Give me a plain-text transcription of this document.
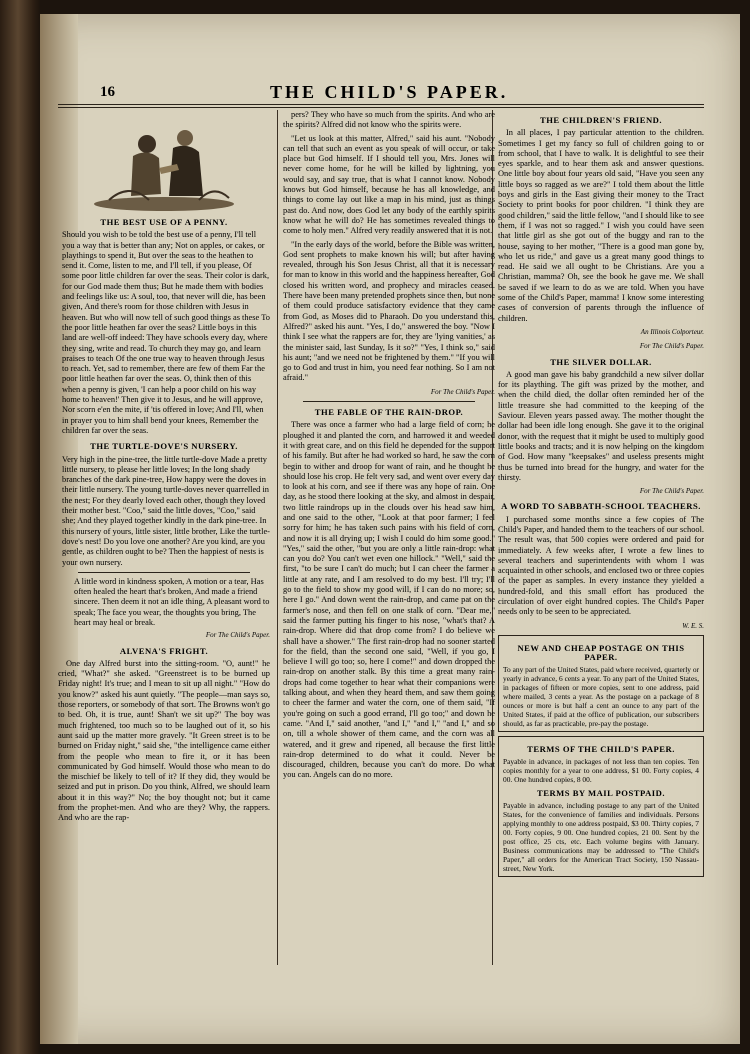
16	THE CHILD'S PAPER.
THE BEST USE OF A PENNY.
Should you wish to be told the best use of a penny, I'll tell you a way that is better than any; Not on apples, or cakes, or playthings to spend it, But over the seas to the heathen to send it. Come, listen to me, and I'll tell, if you please, Of some poor little children far over the seas. Their color is dark, for our God made them thus; But he made them with bodies and feelings like us: A soul, too, that never will die, has been given, And there's room for those children with Jesus in heaven. But who will now tell of such good things as these To the poor little heathen far over the seas? Little boys in this land are well-off indeed: They have schools every day, where they sing, write and read. To church they may go, and learn praises to teach Of the one true way to heaven through Jesus to reach. Yet, sad to remember, there are few of them Far the poor little heathen far over the seas. O, think then of this when a penny is given, 'I can help a poor child on his way home to heaven!' Then give it to Jesus, and he will approve, Nor scorn e'en the mite, if 'tis offered in love; And I'll, when in prayer you to him shall bend your knees, Remember the children far over the seas.
THE TURTLE-DOVE'S NURSERY.
Very high in the pine-tree, the little turtle-dove Made a pretty little nursery, to please her little loves; In the long shady branches of the dark pine-tree, How happy were the doves in their little nursery. The young turtle-doves never quarrelled in the nest; For they dearly loved each other, though they loved their mother best. "Coo," said the little doves, "Coo," said she; And they played together kindly in the dark pine-tree. In this nursery of yours, little sister, little brother, Like the turtle-dove's nest! Do you love one another? Are you kind, are you gentle, as children ought to be? Then the happiest of nests is your own nursery.
A little word in kindness spoken, A motion or a tear, Has often healed the heart that's broken, And made a friend sincere. Then deem it not an idle thing, A pleasant word to speak; The face you wear, the thoughts you bring, The heart may heal or break.
For The Child's Paper.
ALVENA'S FRIGHT.

One day Alfred burst into the sitting-room. "O, aunt!" he cried, "What?" she asked. "Greenstreet is to be burned up Friday night! It's true; and I mean to sit up all night." "How do you know?" asked his aunt quietly. "The people—man says so, those reporters, or somebody of that sort. The Browns won't go to bed. Oh, it is true, aunt! Shan't we sit up?" The boy was much frightened, too much so to be laughed out of it, so his aunt said up the matter more gravely. "It Green street is to be burned on Friday night," said she, "the intelligence came either from the people who mean to fire it, or it has been communicated by God himself. Would those who mean to do the mischief be likely to tell of it? If they did, they would be seized and put in prison. Do you think, Alfred, we should learn about it in this way?" No; the boy thought not; but it came from the prophet-men. And who are they? Why, the rappers. And who are the rap-

pers? They who have so much from the spirits. And who are the spirits? Alfred did not know who the spirits were.

"Let us look at this matter, Alfred," said his aunt. "Nobody can tell that such an event as you speak of will occur, or take place but God himself. If I should tell you, Mrs. Jones will never come home, for he will be killed by lightning, you would say, and say true, that is what I cannot know. Nobody knows but God himself, because he has all knowledge, and things to come lay out like a map in his mind, just as things past do. And now, does God let any body of the earthly spirits know what he will do? He has sometimes revealed things to come to holy men." Alfred very readily answered that it is not.

"In the early days of the world, before the Bible was written, God sent prophets to make known his will; but after having revealed, through his Son Jesus Christ, all that it is necessary for man to know in this world and the happiness hereafter, God closed his written word, and prophecy and miracles ceased. There have been many pretended prophets since then, but none of them could produce satisfactory evidence that they came from God, as Moses did to Pharaoh. Do you understand this, Alfred?" asked his aunt. "Yes, I do," answered the boy. "Now I think I see what the rappers are for, they are 'lying vanities,' as the minister said, last Sunday, Is it so?" "Yes, I think so," said his aunt; "and we need not be frightened by them." "If you will go to God and trust in him, you need fear nothing. So I am not afraid."

For The Child's Paper.
THE FABLE OF THE RAIN-DROP.

There was once a farmer who had a large field of corn; he ploughed it and planted the corn, and harrowed it and weeded it with great care, and on this field he depended for the support of his family. But after he had worked so hard, he saw the corn begin to wither and droop for want of rain, and he thought he should lose his crop. He felt very sad, and went over every day to look at his corn, and see if there was any hope of rain. One day, as he stood there looking at the sky, and almost in despair, two little raindrops up in the clouds over his head saw him, and one said to the other, "Look at that poor farmer; I feel sorry for him; he has taken such pains with his field of corn, and now it is all drying up; I wish I could do him some good." "Yes," said the other, "but you are only a little rain-drop: what can you do? You can't wet even one hillock." "Well," said the first, "to be sure I can't do much; but I can cheer the farmer a little at any rate, and I am resolved to do my best. I'll try; I'll go to the field to show my good will, if I can do no more; so, here I go." And down went the rain-drop, and came pat on the farmer's nose, and then fell on one stalk of corn. "Dear me," said the farmer putting his finger to his nose, "what's that? A rain-drop. Where did that drop come from? I do believe we shall have a shower." The first rain-drop had no sooner started for the field, than the second one said, "Well, if you go, I believe I will go too; so, here I come!" and down dropped the rain-drop on another stalk. By this time a great many rain-drops had come together to hear what their companions were talking about, and when they heard them, and saw them going to cheer the farmer and water the corn, one of them said, "If you're going on such a good errand, I'll go too;" and down he came. "And I," said another, "and I," "and I," "and I," and so on, till a whole shower of them came, and the corn was all watered, and it grew and ripened, all because the first little rain-drop determined to do what it could. Never be discouraged, children, because you can't do more. Do what you can. Angels can do no more.

THE CHILDREN'S FRIEND.

In all places, I pay particular attention to the children. Sometimes I get my fancy so full of children going to or from school, that I have to walk. It is delightful to see their eyes sparkle, and to hear them ask and answer questions. One little boy about four years old said, "Have you seen any little boys so ragged as we are?" I told them about the little boys and girls in the East giving their money to the Tract Society to print books for poor children. "I think they are good children," said the little fellow, "and I should like to see them, if I was not so ragged." I wish you could have seen that little girl as she got out of the buggy and ran to the house, saying to her mother, "There is a good man gone by, who let us ride," and gave us a great many good things to read. He said we all ought to be Christians. Are you a Christian, mamma? Oh, see the book he gave me. We shall be saved if we learn to do as we are told. When you have some of the Child's Paper, mamma! I know some interesting cases of conversion of parents through the influence of children.

An Illinois Colporteur.
For The Child's Paper.
THE SILVER DOLLAR.

A good man gave his baby grandchild a new silver dollar for its plaything. The gift was prized by the mother, and when the child died, the dollar often reminded her of the little treasure she had committed to the keeping of the Saviour. Eleven years passed away. The mother thought the dollar had been idle long enough. She gave it to the original donor, with the request that it might be used to multiply good little books and tracts; and it is now helping on the kingdom of God. How many "keepsakes" and useless presents might thus be turned into bread for the hungry, and water for the thirsty.

For The Child's Paper.
A WORD TO SABBATH-SCHOOL TEACHERS.

I purchased some months since a few copies of The Child's Paper, and handed them to the teachers of our school. The result was, that 500 copies were ordered and paid for immediately. A few weeks after, I wrote a few lines to several teachers and superintendents with whom I was acquainted in other schools, and enclosed two or three copies of the paper as samples. In every instance they yielded a hundred-fold, and this small effort has produced the circulation of over eight hundred copies. The Child's Paper needs only to be seen to be appreciated.

W. E. S.
NEW AND CHEAP POSTAGE ON THIS PAPER.
To any part of the United States, paid where received, quarterly or yearly in advance, 6 cents a year. To any part of the United States, in packages of fifteen or more copies, sent to one address, paid where mailed, 3 cents a year. As the postage on a package of 8 ounces or more is but half a cent an ounce to any part of the United States, if paid at the office of publication, our subscribers should, as far as practicable, pre-pay the postage.
TERMS OF THE CHILD'S PAPER.
Payable in advance, in packages of not less than ten copies. Ten copies monthly for a year to one address, $1 00. Forty copies, 4 00. One hundred copies, 8 00.
TERMS BY MAIL POSTPAID.
Payable in advance, including postage to any part of the United States, for the convenience of families and individuals. Persons applying monthly to one address postpaid, $3 00. Thirty copies, 7 00. Forty copies, 9 00. One hundred copies, 21 00. Sent by the post office, 25 cts, etc. Each volume begins with January. Business communications may be addressed to "The Child's Paper," all orders for the American Tract Society, 150 Nassau-street, New York.
